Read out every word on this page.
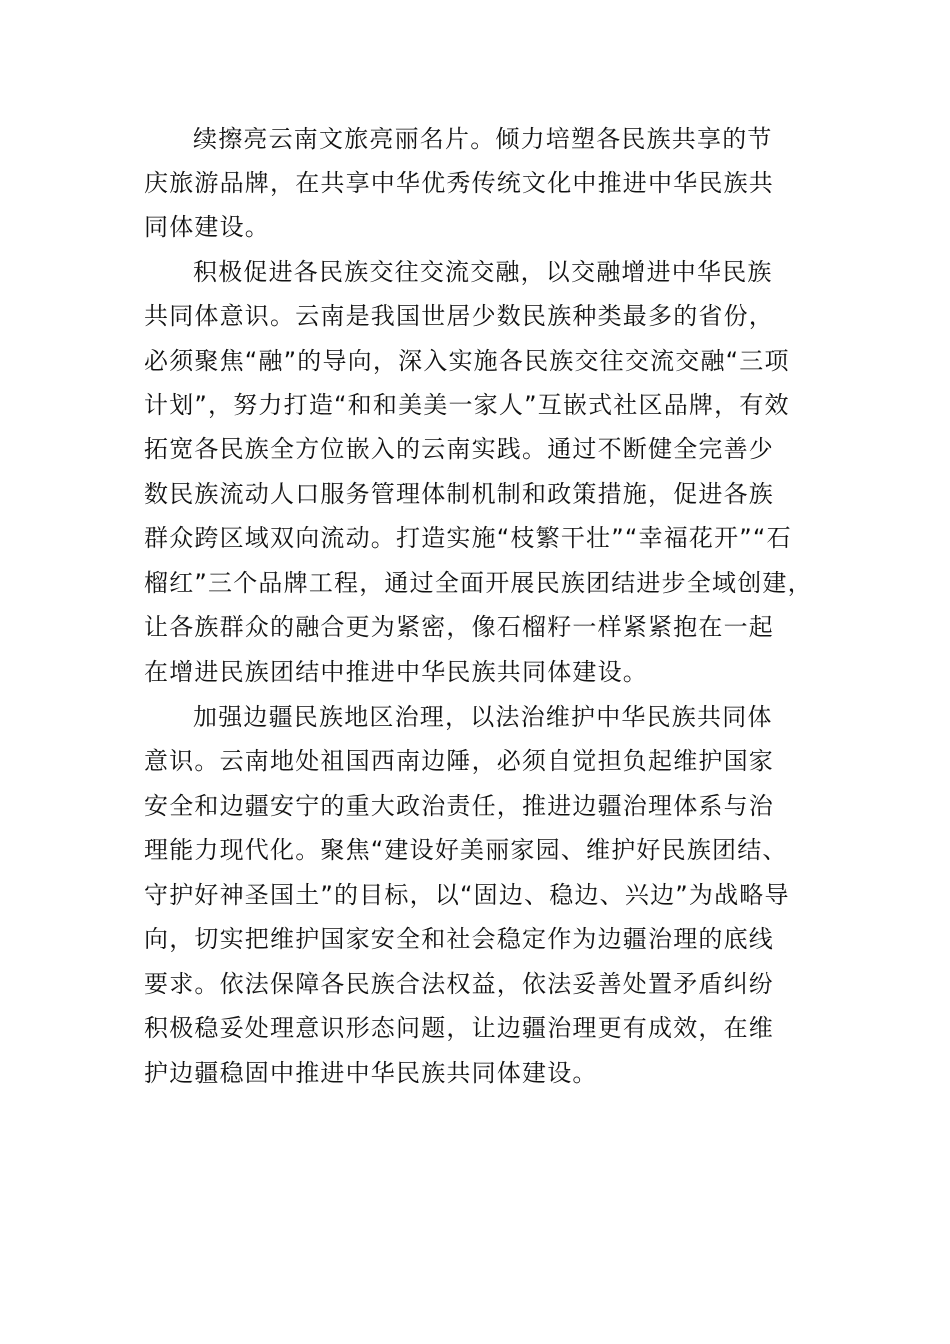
续擦亮云南文旅亮丽名片。倾力培塑各民族共享的节
庆旅游品牌，在共享中华优秀传统文化中推进中华民族共
同体建设。
积极促进各民族交往交流交融，以交融增进中华民族
共同体意识。云南是我国世居少数民族种类最多的省份，
必须聚焦“融”的导向，深入实施各民族交往交流交融“三项
计划”，努力打造“和和美美一家人”互嵌式社区品牌，有效
拓宽各民族全方位嵌入的云南实践。通过不断健全完善少
数民族流动人口服务管理体制机制和政策措施，促进各族
群众跨区域双向流动。打造实施“枝繁干壮”“幸福花开”“石
榴红”三个品牌工程，通过全面开展民族团结进步全域创建，
让各族群众的融合更为紧密，像石榴籽一样紧紧抱在一起
在增进民族团结中推进中华民族共同体建设。
加强边疆民族地区治理，以法治维护中华民族共同体
意识。云南地处祖国西南边陲，必须自觉担负起维护国家
安全和边疆安宁的重大政治责任，推进边疆治理体系与治
理能力现代化。聚焦“建设好美丽家园、维护好民族团结、
守护好神圣国土”的目标，以“固边、稳边、兴边”为战略导
向，切实把维护国家安全和社会稳定作为边疆治理的底线
要求。依法保障各民族合法权益，依法妥善处置矛盾纠纷
积极稳妥处理意识形态问题，让边疆治理更有成效，在维
护边疆稳固中推进中华民族共同体建设。
